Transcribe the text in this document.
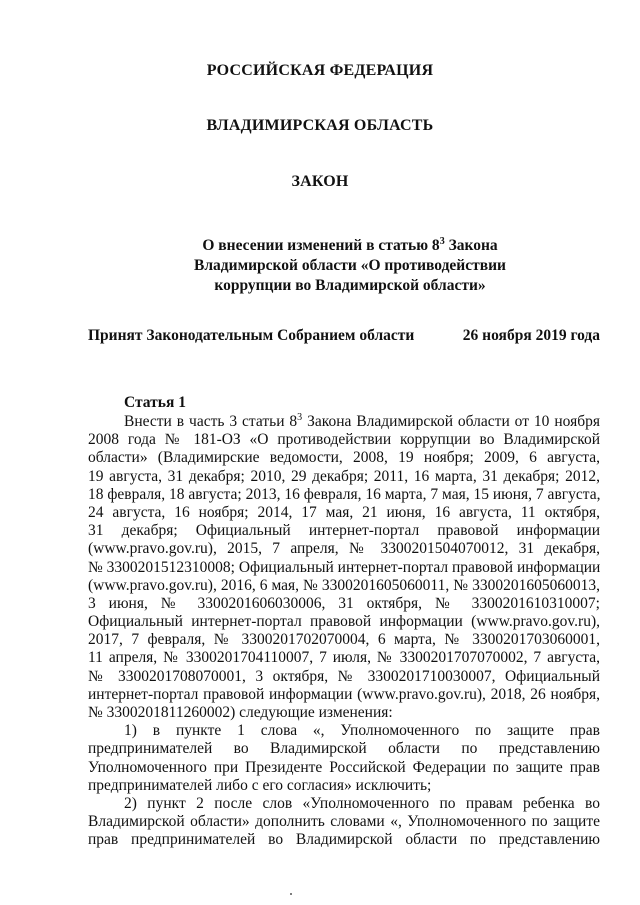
РОССИЙСКАЯ ФЕДЕРАЦИЯ
ВЛАДИМИРСКАЯ ОБЛАСТЬ
ЗАКОН
О внесении изменений в статью $8^3$ Закона
Владимирской области «О противодействии
коррупции во Владимирской области»
Принят Законодательным Собранием области	26 ноября 2019 года
Статья 1
Внести в часть 3 статьи $8^3$ Закона Владимирской области от 10 ноября
2008 года № 181-ОЗ «О противодействии коррупции во Владимирской
области» (Владимирские ведомости, 2008, 19 ноября; 2009, 6 августа,
19 августа, 31 декабря; 2010, 29 декабря; 2011, 16 марта, 31 декабря; 2012,
18 февраля, 18 августа; 2013, 16 февраля, 16 марта, 7 мая, 15 июня, 7 августа,
24 августа, 16 ноября; 2014, 17 мая, 21 июня, 16 августа, 11 октября,
31 декабря; Официальный интернет-портал правовой информации
(www.pravo.gov.ru), 2015, 7 апреля, № 3300201504070012, 31 декабря,
№ 3300201512310008; Официальный интернет-портал правовой информации
(www.pravo.gov.ru), 2016, 6 мая, № 3300201605060011, № 3300201605060013,
3 июня, № 3300201606030006, 31 октября, № 3300201610310007;
Официальный интернет-портал правовой информации (www.pravo.gov.ru),
2017, 7 февраля, № 3300201702070004, 6 марта, № 3300201703060001,
11 апреля, № 3300201704110007, 7 июля, № 3300201707070002, 7 августа,
№ 3300201708070001, 3 октября, № 3300201710030007, Официальный
интернет-портал правовой информации (www.pravo.gov.ru), 2018, 26 ноября,
№ 3300201811260002) следующие изменения:
1) в пункте 1 слова «, Уполномоченного по защите прав
предпринимателей во Владимирской области по представлению
Уполномоченного при Президенте Российской Федерации по защите прав
предпринимателей либо с его согласия» исключить;
2) пункт 2 после слов «Уполномоченного по правам ребенка во
Владимирской области» дополнить словами «, Уполномоченного по защите
прав предпринимателей во Владимирской области по представлению
